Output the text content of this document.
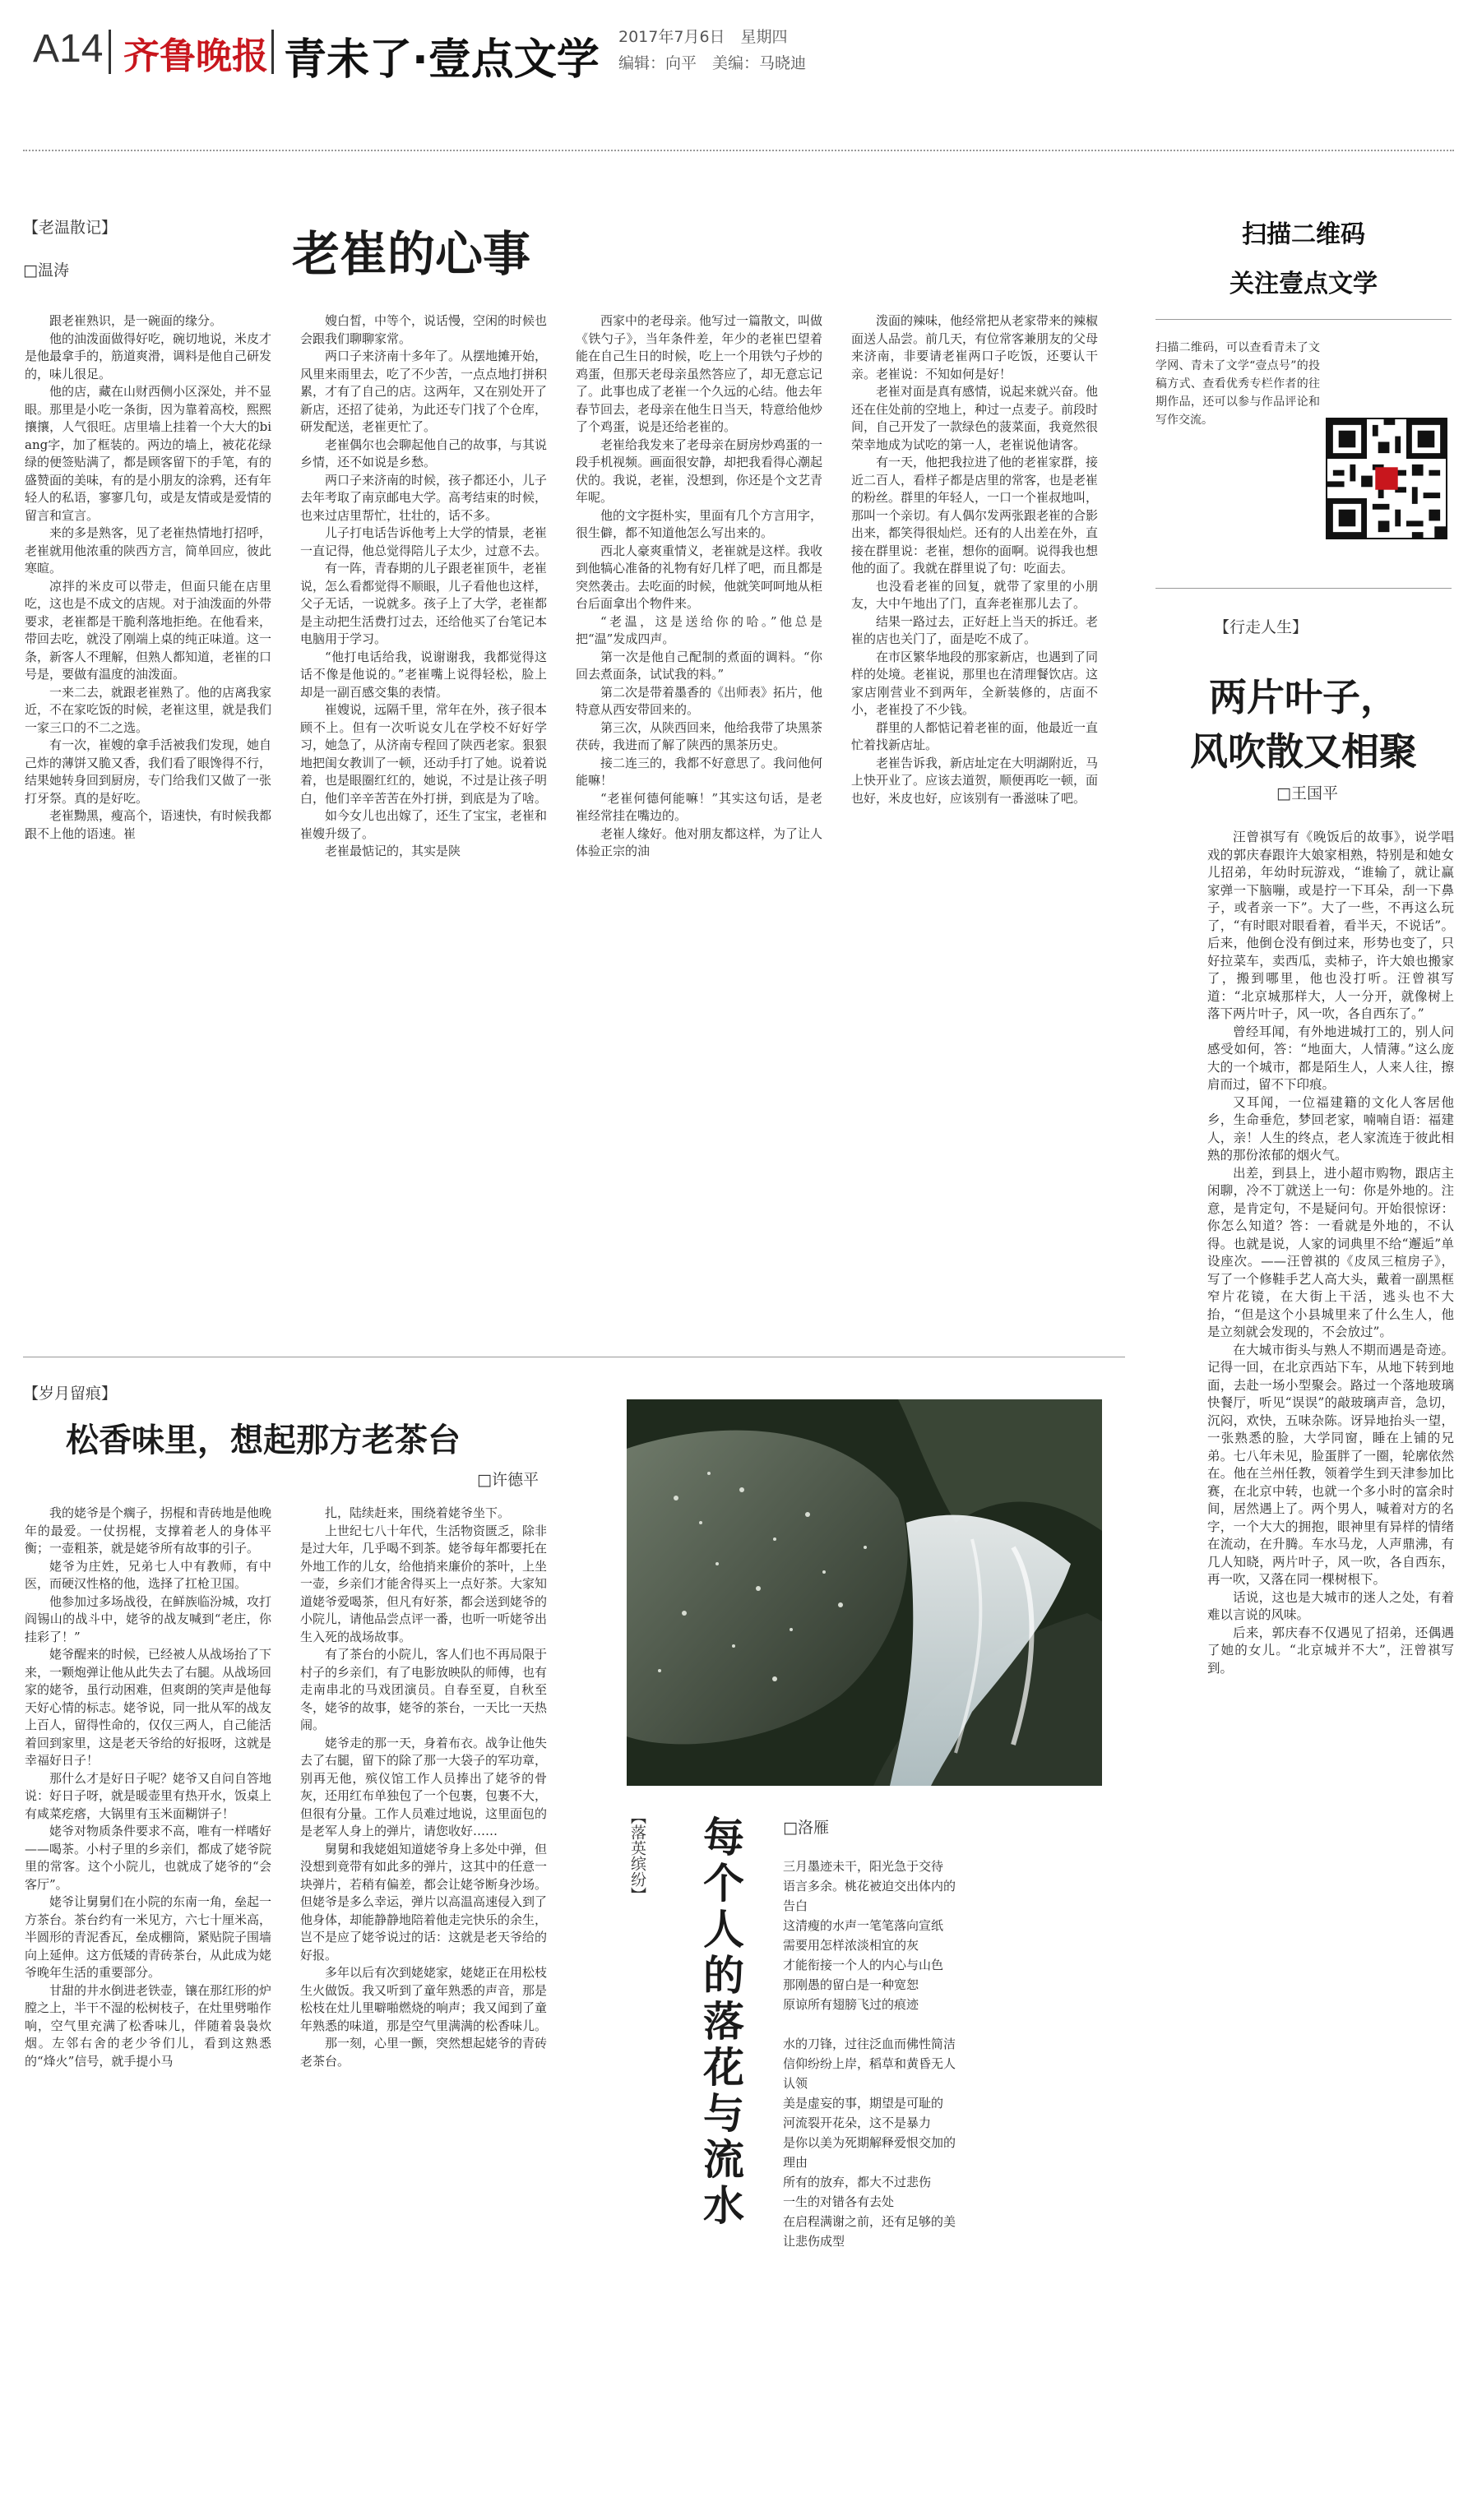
A14 齐鲁晚报 青未了·壹点文学 2017年7月6日　星期四
编辑：向平　美编：马晓迪
【老温散记】
□温涛	老崔的心事

跟老崔熟识，是一碗面的缘分。

他的油泼面做得好吃，碗切地说，米皮才是他最拿手的，筋道爽滑，调料是他自己研发的，味儿很足。

他的店，藏在山财西侧小区深处，并不显眼。那里是小吃一条街，因为靠着高校，熙熙攘攘，人气很旺。店里墙上挂着一个大大的biang字，加了框装的。两边的墙上，被花花绿绿的便签贴满了，都是顾客留下的手笔，有的盛赞面的美味，有的是小朋友的涂鸦，还有年轻人的私语，寥寥几句，或是友情或是爱情的留言和宣言。

来的多是熟客，见了老崔热情地打招呼，老崔就用他浓重的陕西方言，简单回应，彼此寒暄。

凉拌的米皮可以带走，但面只能在店里吃，这也是不成文的店规。对于油泼面的外带要求，老崔都是干脆利落地拒绝。在他看来，带回去吃，就没了刚端上桌的纯正味道。这一条，新客人不理解，但熟人都知道，老崔的口号是，要做有温度的油泼面。

一来二去，就跟老崔熟了。他的店离我家近，不在家吃饭的时候，老崔这里，就是我们一家三口的不二之选。

有一次，崔嫂的拿手活被我们发现，她自己炸的薄饼又脆又香，我们看了眼馋得不行，结果她转身回到厨房，专门给我们又做了一张打牙祭。真的是好吃。

老崔黝黑，瘦高个，语速快，有时候我都跟不上他的语速。崔

嫂白皙，中等个，说话慢，空闲的时候也会跟我们聊聊家常。

两口子来济南十多年了。从摆地摊开始，风里来雨里去，吃了不少苦，一点点地打拼积累，才有了自己的店。这两年，又在别处开了新店，还招了徒弟，为此还专门找了个仓库，研发配送，老崔更忙了。

老崔偶尔也会聊起他自己的故事，与其说乡情，还不如说是乡愁。

两口子来济南的时候，孩子都还小，儿子去年考取了南京邮电大学。高考结束的时候，也来过店里帮忙，壮壮的，话不多。

儿子打电话告诉他考上大学的情景，老崔一直记得，他总觉得陪儿子太少，过意不去。

有一阵，青春期的儿子跟老崔顶牛，老崔说，怎么看都觉得不顺眼，儿子看他也这样，父子无话，一说就多。孩子上了大学，老崔都是主动把生活费打过去，还给他买了台笔记本电脑用于学习。

“他打电话给我，说谢谢我，我都觉得这话不像是他说的。”老崔嘴上说得轻松，脸上却是一副百感交集的表情。

崔嫂说，远隔千里，常年在外，孩子很本顾不上。但有一次听说女儿在学校不好好学习，她急了，从济南专程回了陕西老家。狠狠地把闺女教训了一顿，还动手打了她。说着说着，也是眼圈红红的，她说，不过是让孩子明白，他们辛辛苦苦在外打拼，到底是为了啥。

如今女儿也出嫁了，还生了宝宝，老崔和崔嫂升级了。

老崔最惦记的，其实是陕

西家中的老母亲。他写过一篇散文，叫做《铁勺子》，当年条件差，年少的老崔巴望着能在自己生日的时候，吃上一个用铁勺子炒的鸡蛋，但那天老母亲虽然答应了，却无意忘记了。此事也成了老崔一个久远的心结。他去年春节回去，老母亲在他生日当天，特意给他炒了个鸡蛋，说是还给老崔的。

老崔给我发来了老母亲在厨房炒鸡蛋的一段手机视频。画面很安静，却把我看得心潮起伏的。我说，老崔，没想到，你还是个文艺青年呢。

他的文字挺朴实，里面有几个方言用字，很生僻，都不知道他怎么写出来的。

西北人豪爽重情义，老崔就是这样。我收到他犒心准备的礼物有好几样了吧，而且都是突然袭击。去吃面的时候，他就笑呵呵地从柜台后面拿出个物件来。

“老温，这是送给你的哈。”他总是把“温”发成四声。

第一次是他自己配制的煮面的调料。“你回去煮面条，试试我的料。”

第二次是带着墨香的《出师表》拓片，他特意从西安带回来的。

第三次，从陕西回来，他给我带了块黑茶茯砖，我进而了解了陕西的黑茶历史。

接二连三的，我都不好意思了。我问他何能嘛！

“老崔何德何能嘛！”其实这句话，是老崔经常挂在嘴边的。

老崔人缘好。他对朋友都这样，为了让人体验正宗的油

泼面的辣味，他经常把从老家带来的辣椒面送人品尝。前几天，有位常客兼朋友的父母来济南，非要请老崔两口子吃饭，还要认干亲。老崔说：不知如何是好！

老崔对面是真有感情，说起来就兴奋。他还在住处前的空地上，种过一点麦子。前段时间，自己开发了一款绿色的菠菜面，我竟然很荣幸地成为试吃的第一人，老崔说他请客。

有一天，他把我拉进了他的老崔家群，接近二百人，看样子都是店里的常客，也是老崔的粉丝。群里的年轻人，一口一个崔叔地叫，那叫一个亲切。有人偶尔发两张跟老崔的合影出来，都笑得很灿烂。还有的人出差在外，直接在群里说：老崔，想你的面啊。说得我也想他的面了。我就在群里说了句：吃面去。

也没看老崔的回复，就带了家里的小朋友，大中午地出了门，直奔老崔那儿去了。

结果一路过去，正好赶上当天的拆迁。老崔的店也关门了，面是吃不成了。

在市区繁华地段的那家新店，也遇到了同样的处境。老崔说，那里也在清理餐饮店。这家店刚营业不到两年，全新装修的，店面不小，老崔投了不少钱。

群里的人都惦记着老崔的面，他最近一直忙着找新店址。

老崔告诉我，新店址定在大明湖附近，马上快开业了。应该去道贺，顺便再吃一顿，面也好，米皮也好，应该别有一番滋味了吧。

扫描二维码
关注壹点文学
扫描二维码，可以查看青未了文学网、青未了文学“壹点号”的投稿方式、查看优秀专栏作者的往期作品，还可以参与作品评论和写作交流。
【行走人生】
两片叶子，
风吹散又相聚
□王国平

汪曾祺写有《晚饭后的故事》，说学唱戏的郭庆春跟许大娘家相熟，特别是和她女儿招弟，年幼时玩游戏，“谁输了，就让赢家弹一下脑嘣，或是拧一下耳朵，刮一下鼻子，或者亲一下”。大了一些，不再这么玩了，“有时眼对眼看着，看半天，不说话”。后来，他倒仓没有倒过来，形势也变了，只好拉菜车，卖西瓜，卖柿子，许大娘也搬家了，搬到哪里，他也没打听。汪曾祺写道：“北京城那样大，人一分开，就像树上落下两片叶子，风一吹，各自西东了。”

曾经耳闻，有外地进城打工的，别人问感受如何，答：“地面大，人情薄。”这么庞大的一个城市，都是陌生人，人来人往，擦肩而过，留不下印痕。

又耳闻，一位福建籍的文化人客居他乡，生命垂危，梦回老家，喃喃自语：福建人，亲！人生的终点，老人家流连于彼此相熟的那份浓郁的烟火气。

出差，到县上，进小超市购物，跟店主闲聊，冷不丁就送上一句：你是外地的。注意，是肯定句，不是疑问句。开始很惊讶：你怎么知道？答：一看就是外地的，不认得。也就是说，人家的词典里不给“邂逅”单设座次。——汪曾祺的《皮凤三楦房子》，写了一个修鞋手艺人高大头，戴着一副黑框窄片花镜，在大街上干活，逃头也不大抬，“但是这个小县城里来了什么生人，他是立刻就会发现的，不会放过”。

在大城市街头与熟人不期而遇是奇迹。记得一回，在北京西站下车，从地下转到地面，去赴一场小型聚会。路过一个落地玻璃快餐厅，听见“误误”的敲玻璃声音，急切，沉闷，欢快，五味杂陈。讶异地抬头一望，一张熟悉的脸，大学同窗，睡在上铺的兄弟。七八年未见，脸蛋胖了一圈，轮廓依然在。他在兰州任教，领着学生到天津参加比赛，在北京中转，也就一个多小时的富余时间，居然遇上了。两个男人，喊着对方的名字，一个大大的拥抱，眼神里有异样的情绪在流动，在升腾。车水马龙，人声鼎沸，有几人知晓，两片叶子，风一吹，各自西东，再一吹，又落在同一棵树根下。

话说，这也是大城市的迷人之处，有着难以言说的风味。

后来，郭庆春不仅遇见了招弟，还偶遇了她的女儿。“北京城并不大”，汪曾祺写到。

【岁月留痕】
松香味里，想起那方老茶台
□许德平

我的姥爷是个瘸子，拐棍和青砖地是他晚年的最爱。一仗拐棍，支撑着老人的身体平衡；一壶粗茶，就是姥爷所有故事的引子。

姥爷为庄姓，兄弟七人中有教师，有中医，而硬汉性格的他，选择了扛枪卫国。

他参加过多场战役，在鲜族临汾城，攻打阎锡山的战斗中，姥爷的战友喊到“老庄，你挂彩了！”

姥爷醒来的时候，已经被人从战场抬了下来，一颗炮弹让他从此失去了右腿。从战场回家的姥爷，虽行动困难，但爽朗的笑声是他每天好心情的标志。姥爷说，同一批从军的战友上百人，留得性命的，仅仅三两人，自己能活着回到家里，这是老天爷给的好报呀，这就是幸福好日子！

那什么才是好日子呢？姥爷又自问自答地说：好日子呀，就是暖壶里有热开水，饭桌上有咸菜疙瘩，大锅里有玉米面糊饼子！

姥爷对物质条件要求不高，唯有一样嗜好——喝茶。小村子里的乡亲们，都成了姥爷院里的常客。这个小院儿，也就成了姥爷的“会客厅”。

姥爷让舅舅们在小院的东南一角，垒起一方茶台。茶台约有一米见方，六七十厘米高，半圆形的青泥香瓦，垒成棚筒，紧贴院子围墙向上延伸。这方低矮的青砖茶台，从此成为姥爷晚年生活的重要部分。

甘甜的井水倒进老铁壶，镶在那红形的炉膛之上，半干不湿的松树枝子，在灶里劈啪作响，空气里充满了松香味儿，伴随着袅袅炊烟。左邻右舍的老少爷们儿，看到这熟悉的“烽火”信号，就手提小马

扎，陆续赶来，围绕着姥爷坐下。

上世纪七八十年代，生活物资匮乏，除非是过大年，几乎喝不到茶。姥爷每年都要托在外地工作的儿女，给他捎来廉价的茶叶，上坐一壶，乡亲们才能舍得买上一点好茶。大家知道姥爷爱喝茶，但凡有好茶，都会送到姥爷的小院儿，请他品尝点评一番，也听一听姥爷出生入死的战场故事。

有了茶台的小院儿，客人们也不再局限于村子的乡亲们，有了电影放映队的师傅，也有走南串北的马戏团演员。自春至夏，自秋至冬，姥爷的故事，姥爷的茶台，一天比一天热闹。

姥爷走的那一天，身着布衣。战争让他失去了右腿，留下的除了那一大袋子的军功章，别再无他，殡仪馆工作人员捧出了姥爷的骨灰，还用红布单独包了一个包裹，包裹不大，但很有分量。工作人员难过地说，这里面包的是老军人身上的弹片，请您收好……

舅舅和我姥姐知道姥爷身上多处中弹，但没想到竟带有如此多的弹片，这其中的任意一块弹片，若稍有偏差，都会让姥爷断身沙场。但姥爷是多么幸运，弹片以高温高速侵入到了他身体，却能静静地陪着他走完快乐的余生，岂不是应了姥爷说过的话：这就是老天爷给的好报。

多年以后有次到姥姥家，姥姥正在用松枝生火做饭。我又听到了童年熟悉的声音，那是松枝在灶儿里噼啪燃烧的响声；我又闻到了童年熟悉的味道，那是空气里满满的松香味儿。

那一刻，心里一颤，突然想起姥爷的青砖老茶台。

【落英缤纷】 每个人的落花与流水	□洛雁
三月墨迹未干，阳光急于交待
语言多余。桃花被迫交出体内的
告白
这清瘦的水声一笔笔落向宣纸
需要用怎样浓淡相宜的灰
才能衔接一个人的内心与山色
那刚愚的留白是一种宽恕
原谅所有翅膀飞过的痕迹
水的刀锋，过往泛血而佛性简洁
信仰纷纷上岸，稻草和黄昏无人
认领
美是虚妄的事，期望是可耻的
河流裂开花朵，这不是暴力
是你以美为死期解释爱恨交加的
理由
所有的放弃，都大不过悲伤
一生的对错各有去处
在启程满谢之前，还有足够的美
让悲伤成型
